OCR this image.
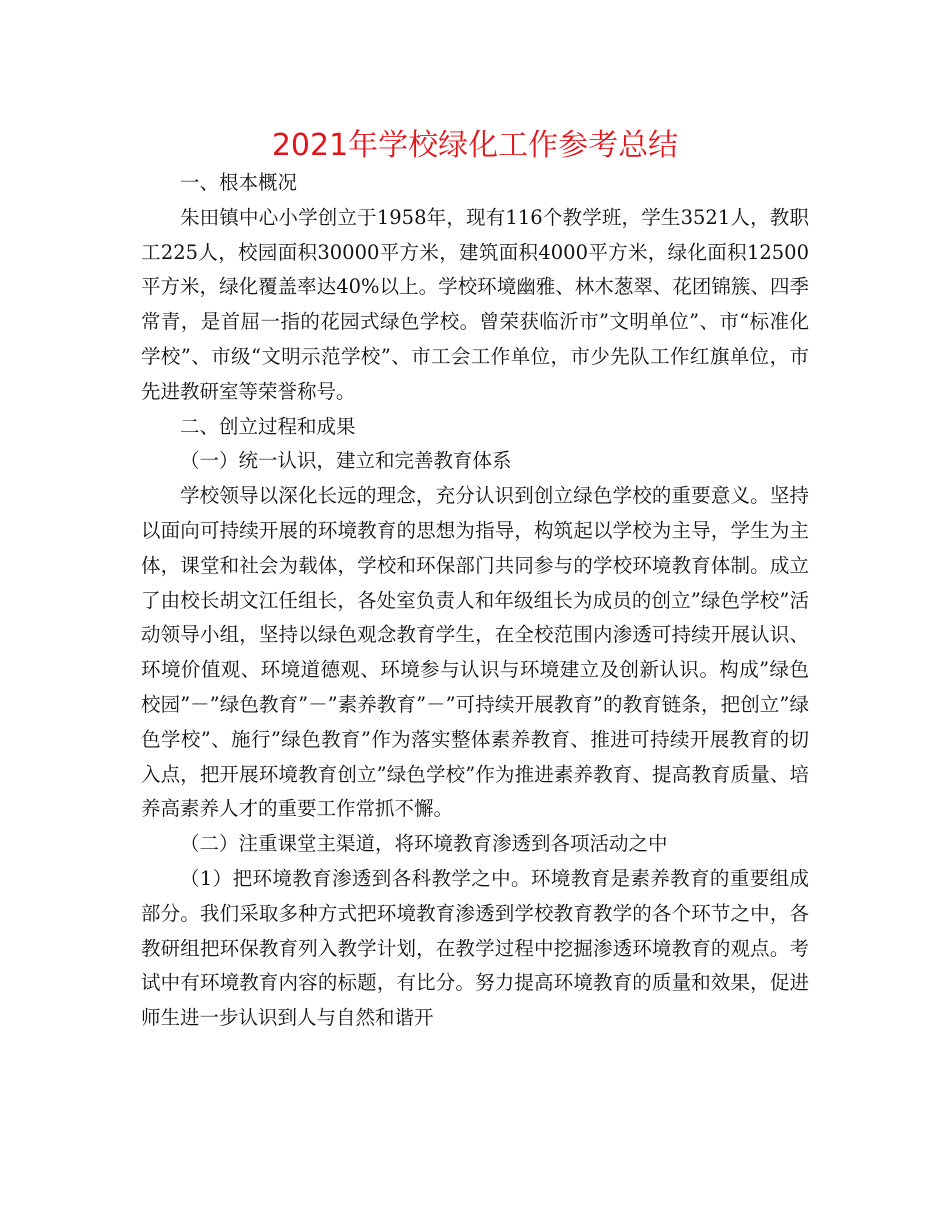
2021年学校绿化工作参考总结

一、根本概况

朱田镇中心小学创立于1958年，现有116个教学班，学生3521人，教职工225人，校园面积30000平方米，建筑面积4000平方米，绿化面积12500平方米，绿化覆盖率达40%以上。学校环境幽雅、林木葱翠、花团锦簇、四季常青，是首屈一指的花园式绿色学校。曾荣获临沂市”文明单位”、市“标准化学校”、市级“文明示范学校”、市工会工作单位，市少先队工作红旗单位，市先进教研室等荣誉称号。

二、创立过程和成果

（一）统一认识，建立和完善教育体系

学校领导以深化长远的理念，充分认识到创立绿色学校的重要意义。坚持以面向可持续开展的环境教育的思想为指导，构筑起以学校为主导，学生为主体，课堂和社会为载体，学校和环保部门共同参与的学校环境教育体制。成立了由校长胡文江任组长，各处室负责人和年级组长为成员的创立”绿色学校”活动领导小组，坚持以绿色观念教育学生，在全校范围内渗透可持续开展认识、环境价值观、环境道德观、环境参与认识与环境建立及创新认识。构成”绿色校园”－”绿色教育”－”素养教育”－”可持续开展教育”的教育链条，把创立”绿色学校”、施行”绿色教育”作为落实整体素养教育、推进可持续开展教育的切入点，把开展环境教育创立”绿色学校”作为推进素养教育、提高教育质量、培养高素养人才的重要工作常抓不懈。

（二）注重课堂主渠道，将环境教育渗透到各项活动之中

（1）把环境教育渗透到各科教学之中。环境教育是素养教育的重要组成部分。我们采取多种方式把环境教育渗透到学校教育教学的各个环节之中，各教研组把环保教育列入教学计划，在教学过程中挖掘渗透环境教育的观点。考试中有环境教育内容的标题，有比分。努力提高环境教育的质量和效果，促进师生进一步认识到人与自然和谐开
